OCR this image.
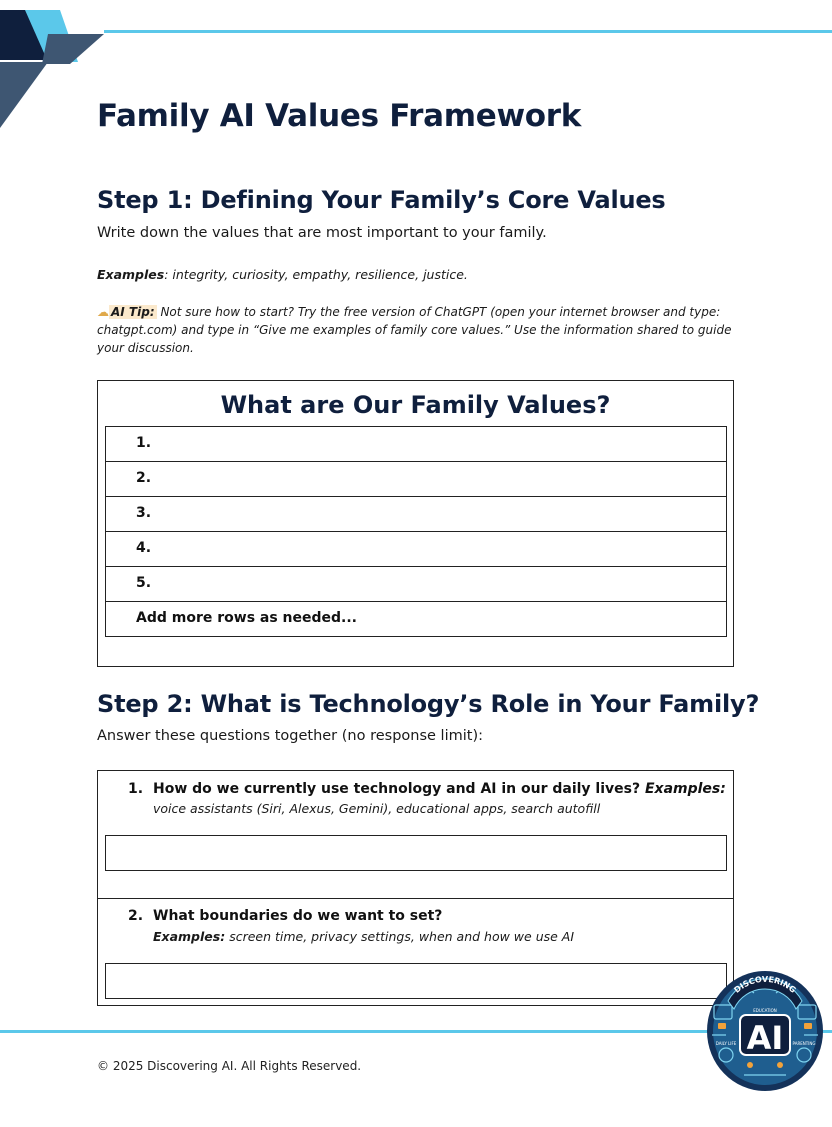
Family AI Values Framework
Step 1: Defining Your Family’s Core Values
Write down the values that are most important to your family.
Examples: integrity, curiosity, empathy, resilience, justice.
☁ AI Tip: Not sure how to start? Try the free version of ChatGPT (open your internet browser and type: chatgpt.com) and type in “Give me examples of family core values.” Use the information shared to guide your discussion.
What are Our Family Values?
1.
2.
3.
4.
5.
Add more rows as needed...
Step 2: What is Technology’s Role in Your Family?
Answer these questions together (no response limit):
1. How do we currently use technology and AI in our daily lives? Examples:
voice assistants (Siri, Alexus, Gemini), educational apps, search autofill
2. What boundaries do we want to set?
Examples: screen time, privacy settings, when and how we use AI
© 2025 Discovering AI. All Rights Reserved.
DISCOVERING
AI
DAILY LIFE	PARENTING
EDUCATION
